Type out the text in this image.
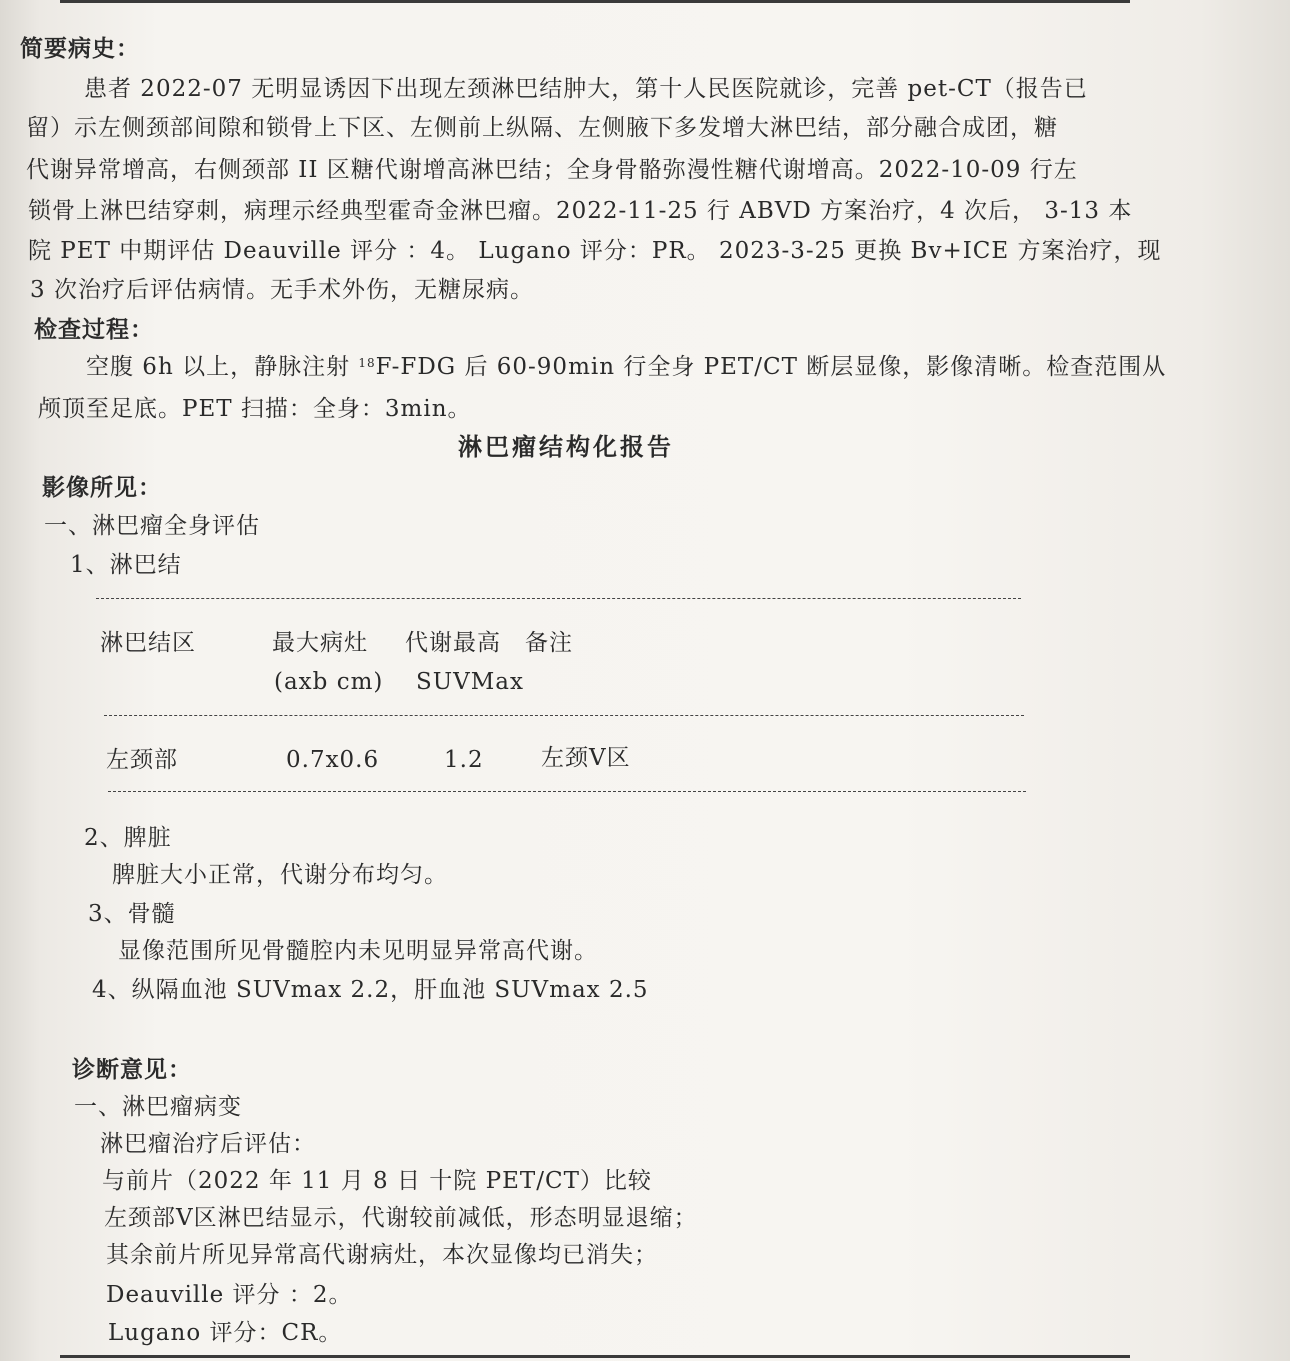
简要病史：
患者 2022-07 无明显诱因下出现左颈淋巴结肿大，第十人民医院就诊，完善 pet-CT（报告已
留）示左侧颈部间隙和锁骨上下区、左侧前上纵隔、左侧腋下多发增大淋巴结，部分融合成团，糖
代谢异常增高，右侧颈部 II 区糖代谢增高淋巴结；全身骨骼弥漫性糖代谢增高。2022-10-09 行左
锁骨上淋巴结穿刺，病理示经典型霍奇金淋巴瘤。2022-11-25 行 ABVD 方案治疗，4 次后， 3-13 本
院 PET 中期评估 Deauville 评分 ：4。 Lugano 评分：PR。 2023-3-25 更换 Bv+ICE 方案治疗，现
3 次治疗后评估病情。无手术外伤，无糖尿病。
检查过程：
空腹 6h 以上，静脉注射 $^{18}$F-FDG 后 60-90min 行全身 PET/CT 断层显像，影像清晰。检查范围从
颅顶至足底。PET 扫描：全身：3min。
淋巴瘤结构化报告
影像所见：
一、淋巴瘤全身评估
1、淋巴结
淋巴结区	最大病灶 代谢最高 备注
(axb cm) SUVMax
左颈部	0.7x0.6	1.2 左颈Ⅴ区
2、脾脏
脾脏大小正常，代谢分布均匀。
3、骨髓
显像范围所见骨髓腔内未见明显异常高代谢。
4、纵隔血池 SUVmax 2.2，肝血池 SUVmax 2.5
诊断意见：
一、淋巴瘤病变
淋巴瘤治疗后评估：
与前片（2022 年 11 月 8 日 十院 PET/CT）比较
左颈部Ⅴ区淋巴结显示，代谢较前减低，形态明显退缩；
其余前片所见异常高代谢病灶，本次显像均已消失；
Deauville 评分 ：2。
Lugano 评分：CR。
